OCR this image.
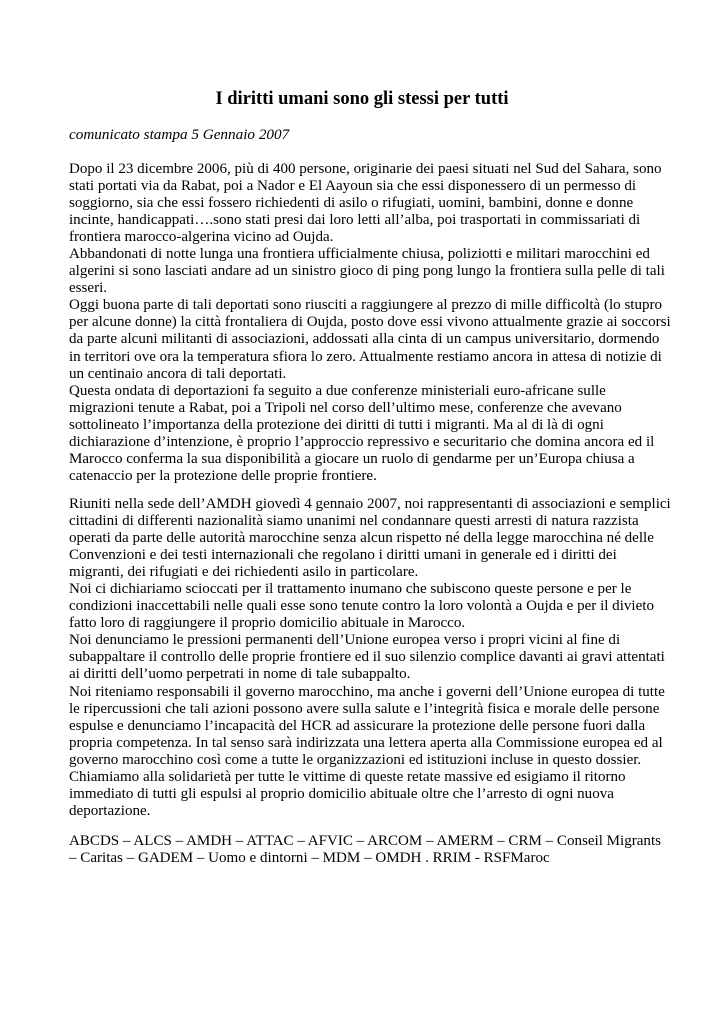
I diritti umani sono gli stessi per tutti
comunicato stampa 5 Gennaio 2007

Dopo il 23 dicembre 2006, più di 400 persone, originarie dei paesi situati nel Sud del Sahara, sono

stati portati via da Rabat, poi a Nador e El Aayoun sia che essi disponessero di un permesso di

soggiorno, sia che essi fossero richiedenti di asilo o rifugiati, uomini, bambini, donne e donne

incinte, handicappati….sono stati presi dai loro letti all’alba, poi trasportati in commissariati di

frontiera marocco-algerina vicino ad Oujda.

Abbandonati di notte lunga una frontiera ufficialmente chiusa, poliziotti e militari marocchini ed

algerini si sono lasciati andare ad un sinistro gioco di ping pong lungo la frontiera sulla pelle di tali

esseri.

Oggi buona parte di tali deportati sono riusciti a raggiungere al prezzo di mille difficoltà (lo stupro

per alcune donne) la città frontaliera di Oujda, posto dove essi vivono attualmente grazie ai soccorsi

da parte alcuni militanti di associazioni, addossati alla cinta di un campus universitario, dormendo

in territori ove ora la temperatura sfiora lo zero. Attualmente restiamo ancora in attesa di notizie di

un centinaio ancora di tali deportati.

Questa ondata di deportazioni fa seguito a due conferenze ministeriali euro-africane sulle

migrazioni tenute a Rabat, poi a Tripoli nel corso dell’ultimo mese, conferenze che avevano

sottolineato l’importanza della protezione dei diritti di tutti i migranti. Ma al di là di ogni

dichiarazione d’intenzione, è proprio l’approccio repressivo e securitario che domina ancora ed il

Marocco conferma la sua disponibilità a giocare un ruolo di gendarme per un’Europa chiusa a

catenaccio per la protezione delle proprie frontiere.

Riuniti nella sede dell’AMDH giovedì 4 gennaio 2007, noi rappresentanti di associazioni e semplici

cittadini di differenti nazionalità siamo unanimi nel condannare questi arresti di natura razzista

operati da parte delle autorità marocchine senza alcun rispetto né della legge marocchina né delle

Convenzioni e dei testi internazionali che regolano i diritti umani in generale ed i diritti dei

migranti, dei rifugiati e dei richiedenti asilo in particolare.

Noi ci dichiariamo scioccati per il trattamento inumano che subiscono queste persone e per le

condizioni inaccettabili nelle quali esse sono tenute contro la loro volontà a Oujda e per il divieto

fatto loro di raggiungere il proprio domicilio abituale in Marocco.

Noi denunciamo le pressioni permanenti dell’Unione europea verso i propri vicini al fine di

subappaltare il controllo delle proprie frontiere ed il suo silenzio complice davanti ai gravi attentati

ai diritti dell’uomo perpetrati in nome di tale subappalto.

Noi riteniamo responsabili il governo marocchino, ma anche i governi dell’Unione europea di tutte

le ripercussioni che tali azioni possono avere sulla salute e l’integrità fisica e morale delle persone

espulse e denunciamo l’incapacità del HCR ad assicurare la protezione delle persone fuori dalla

propria competenza. In tal senso sarà indirizzata una lettera aperta alla Commissione europea ed al

governo marocchino così come a tutte le organizzazioni ed istituzioni incluse in questo dossier.

Chiamiamo alla solidarietà per tutte le vittime di queste retate massive ed esigiamo il ritorno

immediato di tutti gli espulsi al proprio domicilio abituale oltre che l’arresto di ogni nuova

deportazione.

ABCDS – ALCS – AMDH – ATTAC – AFVIC – ARCOM – AMERM – CRM – Conseil Migrants

– Caritas – GADEM – Uomo e dintorni – MDM – OMDH . RRIM - RSFMaroc
